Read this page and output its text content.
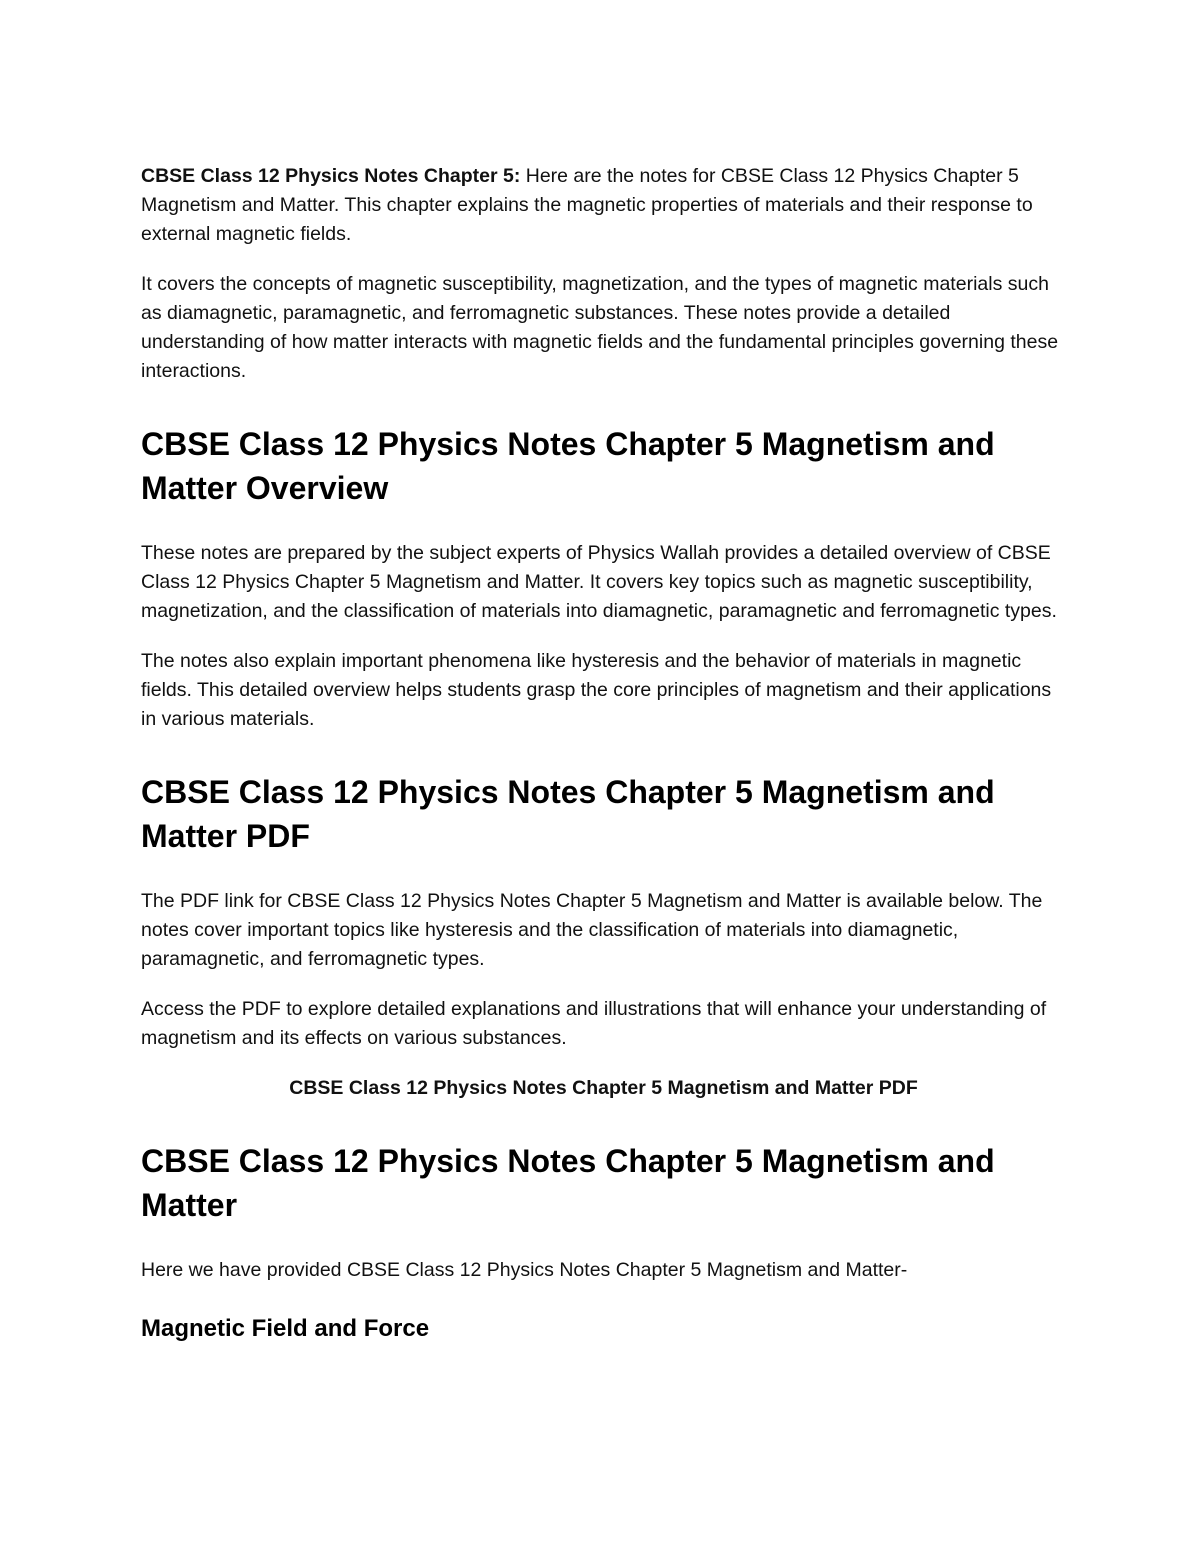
CBSE Class 12 Physics Notes Chapter 5: Here are the notes for CBSE Class 12 Physics Chapter 5 Magnetism and Matter. This chapter explains the magnetic properties of materials and their response to external magnetic fields.

It covers the concepts of magnetic susceptibility, magnetization, and the types of magnetic materials such as diamagnetic, paramagnetic, and ferromagnetic substances. These notes provide a detailed understanding of how matter interacts with magnetic fields and the fundamental principles governing these interactions.

CBSE Class 12 Physics Notes Chapter 5 Magnetism and Matter Overview

These notes are prepared by the subject experts of Physics Wallah provides a detailed overview of CBSE Class 12 Physics Chapter 5 Magnetism and Matter. It covers key topics such as magnetic susceptibility, magnetization, and the classification of materials into diamagnetic, paramagnetic and ferromagnetic types.

The notes also explain important phenomena like hysteresis and the behavior of materials in magnetic fields. This detailed overview helps students grasp the core principles of magnetism and their applications in various materials.

CBSE Class 12 Physics Notes Chapter 5 Magnetism and Matter PDF

The PDF link for CBSE Class 12 Physics Notes Chapter 5 Magnetism and Matter is available below. The notes cover important topics like hysteresis and the classification of materials into diamagnetic, paramagnetic, and ferromagnetic types.

Access the PDF to explore detailed explanations and illustrations that will enhance your understanding of magnetism and its effects on various substances.

CBSE Class 12 Physics Notes Chapter 5 Magnetism and Matter PDF

CBSE Class 12 Physics Notes Chapter 5 Magnetism and Matter

Here we have provided CBSE Class 12 Physics Notes Chapter 5 Magnetism and Matter-

Magnetic Field and Force
